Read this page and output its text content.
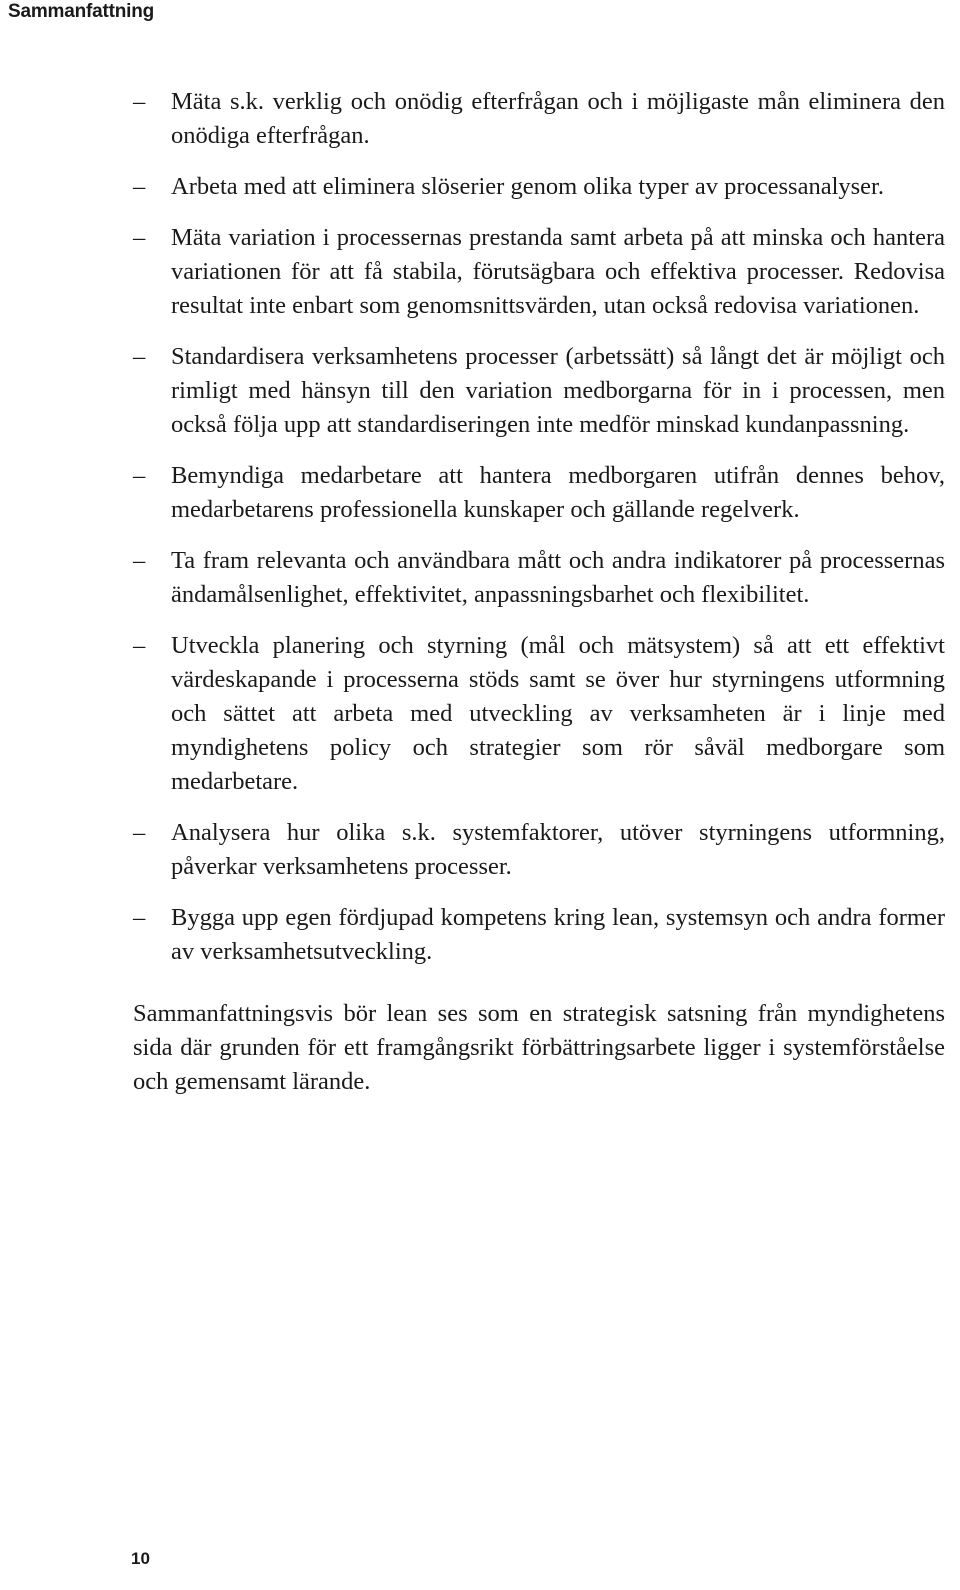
Sammanfattning
–	Mäta s.k. verklig och onödig efterfrågan och i möjligaste mån eliminera den onödiga efterfrågan.
–	Arbeta med att eliminera slöserier genom olika typer av processanalyser.
–	Mäta variation i processernas prestanda samt arbeta på att minska och hantera variationen för att få stabila, förutsägbara och effektiva processer. Redovisa resultat inte enbart som genomsnittsvärden, utan också redovisa variationen.
–	Standardisera verksamhetens processer (arbetssätt) så långt det är möjligt och rimligt med hänsyn till den variation medborgarna för in i processen, men också följa upp att standardiseringen inte medför minskad kundanpassning.
–	Bemyndiga medarbetare att hantera medborgaren utifrån dennes behov, medarbetarens professionella kunskaper och gällande regelverk.
–	Ta fram relevanta och användbara mått och andra indikatorer på processernas ändamålsenlighet, effektivitet, anpassningsbarhet och flexibilitet.
–	Utveckla planering och styrning (mål och mätsystem) så att ett effektivt värdeskapande i processerna stöds samt se över hur styrningens utformning och sättet att arbeta med utveckling av verksamheten är i linje med myndighetens policy och strategier som rör såväl medborgare som medarbetare.
–	Analysera hur olika s.k. systemfaktorer, utöver styrningens utformning, påverkar verksamhetens processer.
–	Bygga upp egen fördjupad kompetens kring lean, systemsyn och andra former av verksamhetsutveckling.

Sammanfattningsvis bör lean ses som en strategisk satsning från myndighetens sida där grunden för ett framgångsrikt förbättringsarbete ligger i systemförståelse och gemensamt lärande.

10
